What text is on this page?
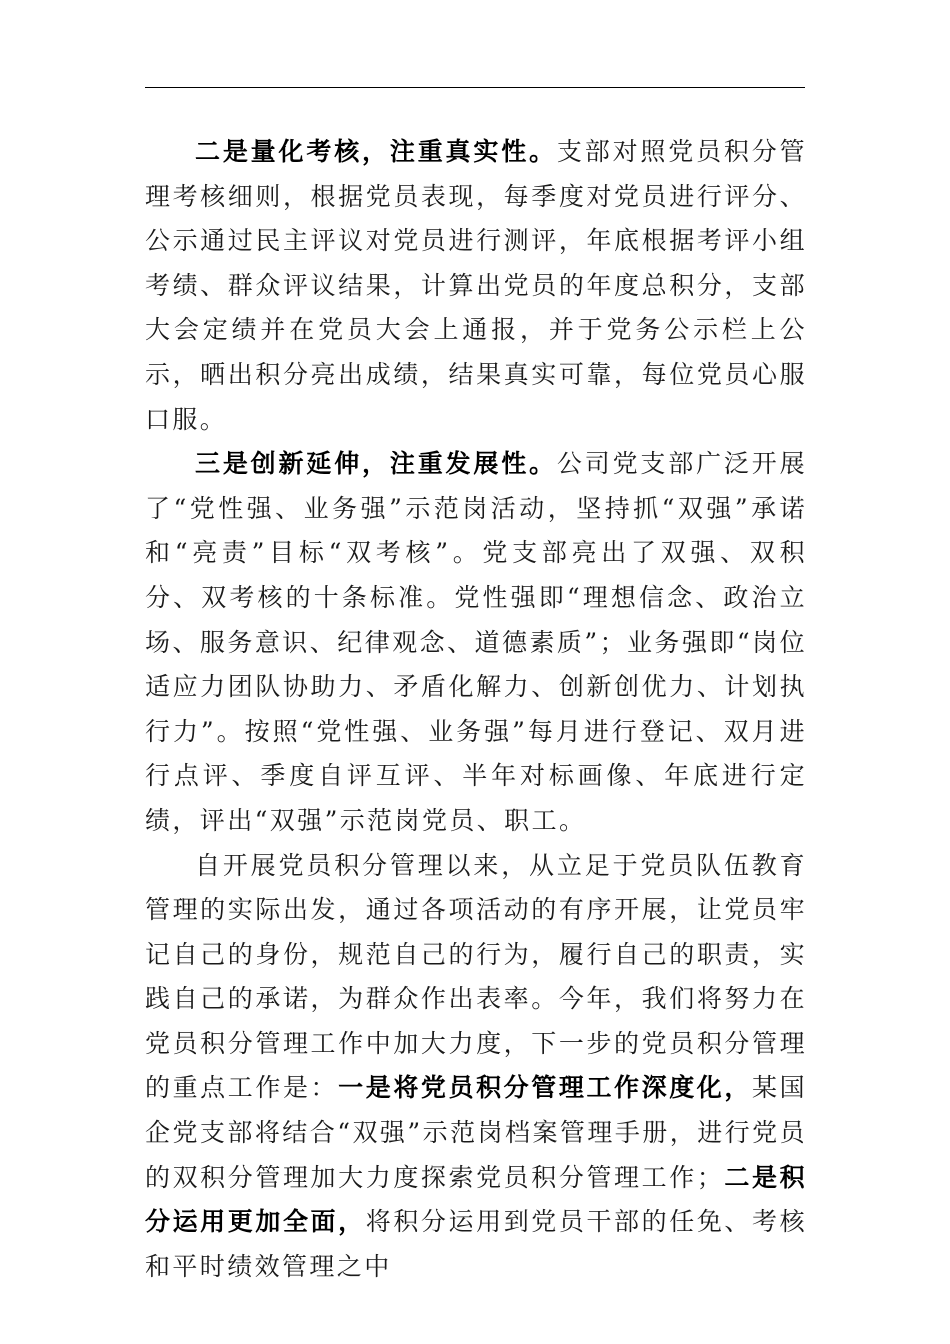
二是量化考核，注重真实性。支部对照党员积分管理考核细则，根据党员表现，每季度对党员进行评分、公示通过民主评议对党员进行测评，年底根据考评小组考绩、群众评议结果，计算出党员的年度总积分，支部大会定绩并在党员大会上通报，并于党务公示栏上公示，晒出积分亮出成绩，结果真实可靠，每位党员心服口服。

三是创新延伸，注重发展性。公司党支部广泛开展了“党性强、业务强”示范岗活动，坚持抓“双强”承诺和“亮责”目标“双考核”。党支部亮出了双强、双积分、双考核的十条标准。党性强即“理想信念、政治立场、服务意识、纪律观念、道德素质”；业务强即“岗位适应力团队协助力、矛盾化解力、创新创优力、计划执行力”。按照“党性强、业务强”每月进行登记、双月进行点评、季度自评互评、半年对标画像、年底进行定绩，评出“双强”示范岗党员、职工。

自开展党员积分管理以来，从立足于党员队伍教育管理的实际出发，通过各项活动的有序开展，让党员牢记自己的身份，规范自己的行为，履行自己的职责，实践自己的承诺，为群众作出表率。今年，我们将努力在党员积分管理工作中加大力度，下一步的党员积分管理的重点工作是：一是将党员积分管理工作深度化，某国企党支部将结合“双强”示范岗档案管理手册，进行党员的双积分管理加大力度探索党员积分管理工作；二是积分运用更加全面，将积分运用到党员干部的任免、考核和平时绩效管理之中
